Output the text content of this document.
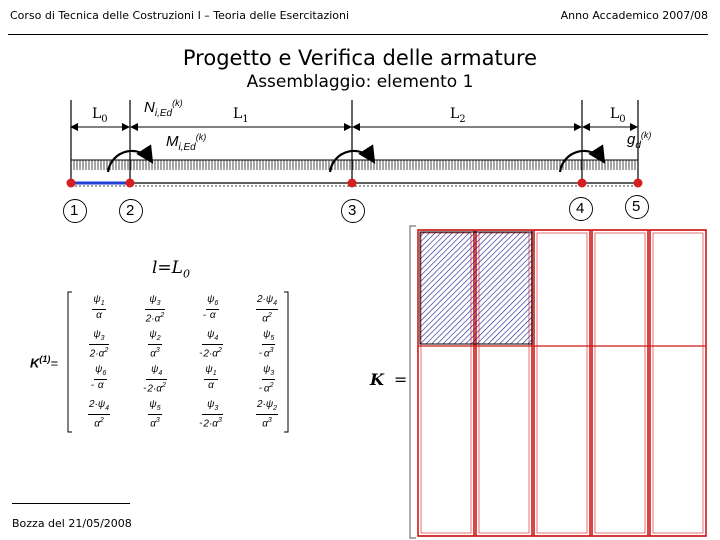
Corso di Tecnica delle Costruzioni I – Teoria delle Esercitazioni	Anno Accademico 2007/08
Progetto e Verifica delle armature
Assemblaggio: elemento 1
$L_0$	$L_1$	$L_2$	$L_0$
$N_{i,Ed}^{(k)}$
$M_{i,Ed}^{(k)}$	$g_d^{(k)}$
1	2	3	4	5
$l=L_0$
$K^{(1)}=$
$\frac{\psi_1}{\alpha}$	$\frac{\psi_3}{2\cdot\alpha^2}$	- $\frac{\psi_6}{\alpha}$	$\frac{2\cdot\psi_4}{\alpha^2}$
$\frac{\psi_3}{2\cdot\alpha^2}$	$\frac{\psi_2}{\alpha^3}$	- $\frac{\psi_4}{2\cdot\alpha^2}$	- $\frac{\psi_5}{\alpha^3}$
- $\frac{\psi_6}{\alpha}$	- $\frac{\psi_4}{2\cdot\alpha^2}$	$\frac{\psi_1}{\alpha}$	- $\frac{\psi_3}{\alpha^2}$
$\frac{2\cdot\psi_4}{\alpha^2}$	$\frac{\psi_5}{\alpha^3}$	- $\frac{\psi_3}{2\cdot\alpha^3}$	$\frac{2\cdot\psi_2}{\alpha^3}$
K =
Bozza del 21/05/2008
